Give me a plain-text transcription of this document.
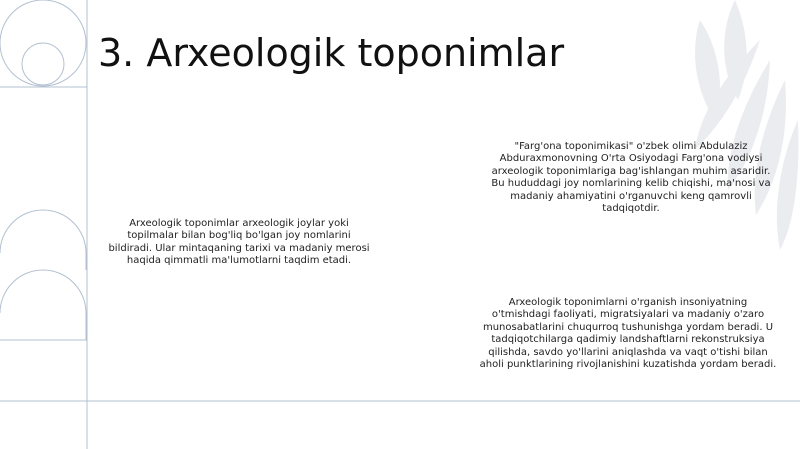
3. Arxeologik toponimlar

Arxeologik toponimlar arxeologik joylar yoki topilmalar bilan bog'liq bo'lgan joy nomlarini bildiradi. Ular mintaqaning tarixi va madaniy merosi haqida qimmatli ma'lumotlarni taqdim etadi.

"Farg'ona toponimikasi" o'zbek olimi Abdulaziz Abduraxmonovning O'rta Osiyodagi Farg'ona vodiysi arxeologik toponimlariga bag'ishlangan muhim asaridir. Bu hududdagi joy nomlarining kelib chiqishi, ma'nosi va madaniy ahamiyatini o'rganuvchi keng qamrovli tadqiqotdir.

Arxeologik toponimlarni o'rganish insoniyatning o'tmishdagi faoliyati, migratsiyalari va madaniy o'zaro munosabatlarini chuqurroq tushunishga yordam beradi. U tadqiqotchilarga qadimiy landshaftlarni rekonstruksiya qilishda, savdo yo'llarini aniqlashda va vaqt o'tishi bilan aholi punktlarining rivojlanishini kuzatishda yordam beradi.
